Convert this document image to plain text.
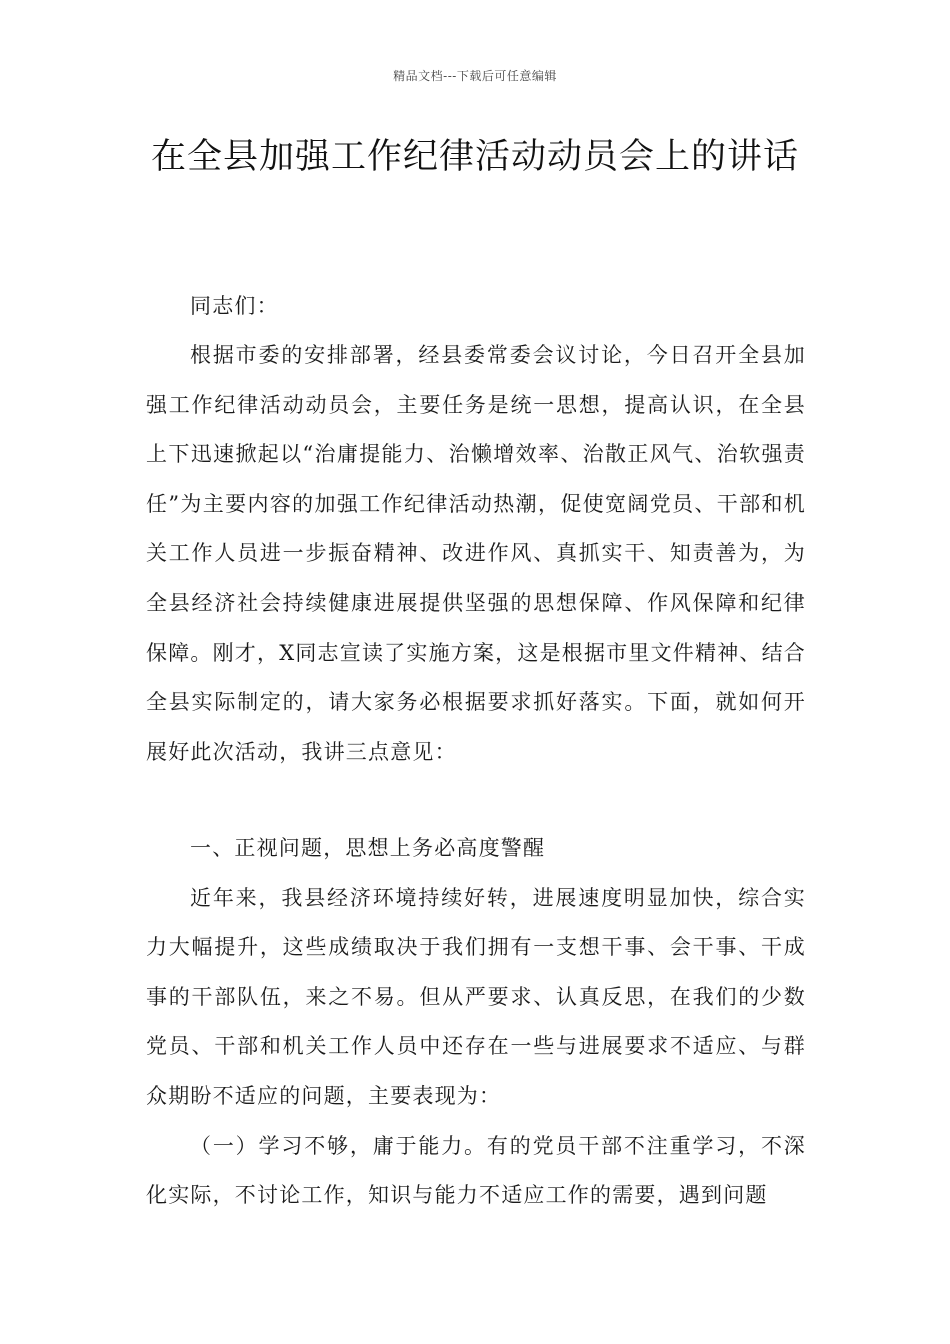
精品文档---下载后可任意编辑
在全县加强工作纪律活动动员会上的讲话

同志们：

根据市委的安排部署，经县委常委会议讨论，今日召开全县加强工作纪律活动动员会，主要任务是统一思想，提高认识，在全县上下迅速掀起以“治庸提能力、治懒增效率、治散正风气、治软强责任”为主要内容的加强工作纪律活动热潮，促使宽阔党员、干部和机关工作人员进一步振奋精神、改进作风、真抓实干、知责善为，为全县经济社会持续健康进展提供坚强的思想保障、作风保障和纪律保障。刚才，X同志宣读了实施方案，这是根据市里文件精神、结合全县实际制定的，请大家务必根据要求抓好落实。下面，就如何开展好此次活动，我讲三点意见：

一、正视问题，思想上务必高度警醒

近年来，我县经济环境持续好转，进展速度明显加快，综合实力大幅提升，这些成绩取决于我们拥有一支想干事、会干事、干成事的干部队伍，来之不易。但从严要求、认真反思，在我们的少数党员、干部和机关工作人员中还存在一些与进展要求不适应、与群众期盼不适应的问题，主要表现为：

（一）学习不够，庸于能力。有的党员干部不注重学习，不深化实际，不讨论工作，知识与能力不适应工作的需要，遇到问题
